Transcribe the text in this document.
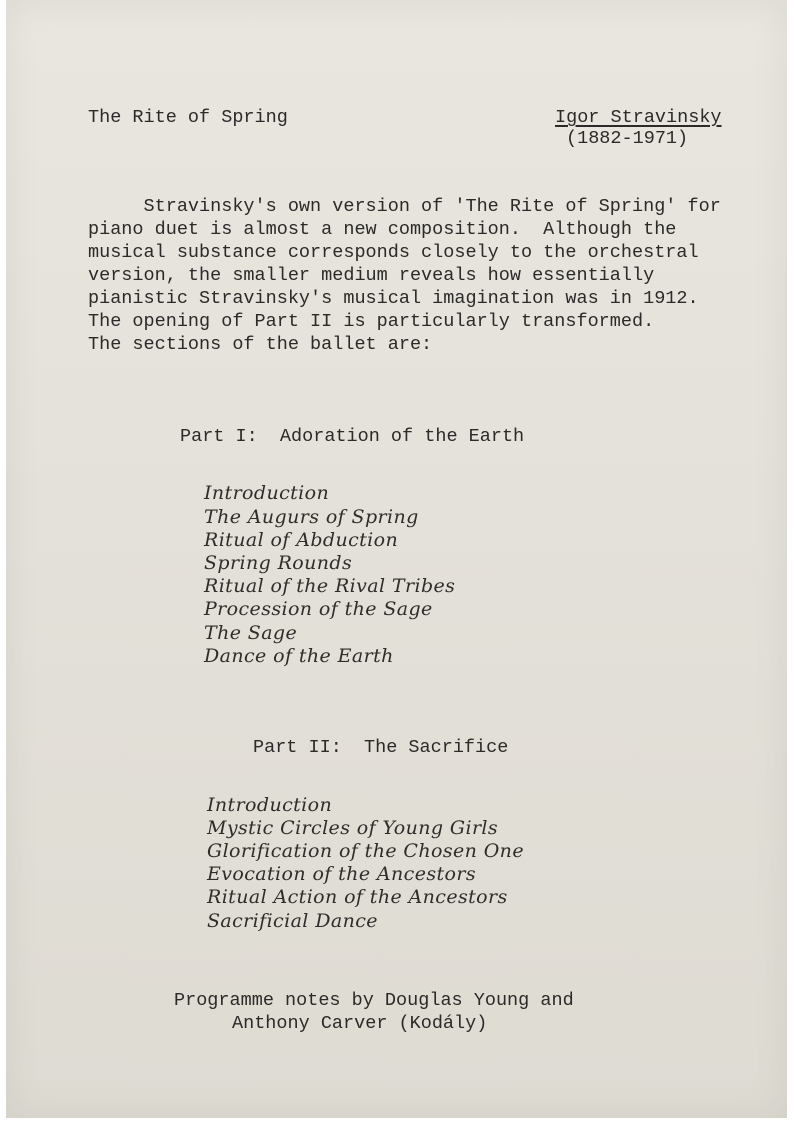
The Rite of Spring	Igor Stravinsky
(1882-1971)
Stravinsky's own version of 'The Rite of Spring' for
piano duet is almost a new composition.  Although the
musical substance corresponds closely to the orchestral
version, the smaller medium reveals how essentially
pianistic Stravinsky's musical imagination was in 1912.
The opening of Part II is particularly transformed.
The sections of the ballet are:
Part I:  Adoration of the Earth
Introduction
The Augurs of Spring
Ritual of Abduction
Spring Rounds
Ritual of the Rival Tribes
Procession of the Sage
The Sage
Dance of the Earth
Part II:  The Sacrifice
Introduction
Mystic Circles of Young Girls
Glorification of the Chosen One
Evocation of the Ancestors
Ritual Action of the Ancestors
Sacrificial Dance
Programme notes by Douglas Young and
Anthony Carver (Kodály)
